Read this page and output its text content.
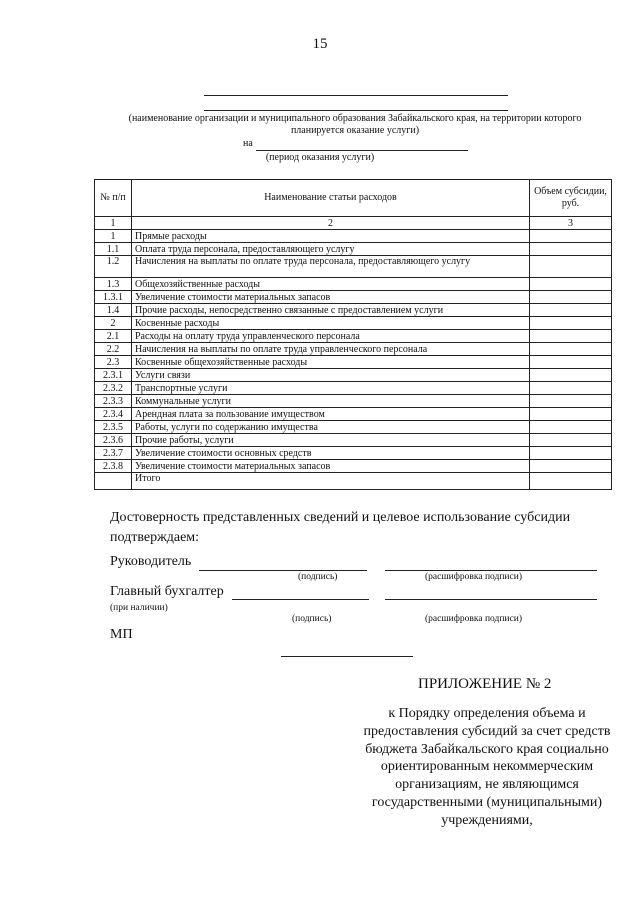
15
(наименование организации и муниципального образования Забайкальского края, на территории которого планируется оказание услуги)
на
(период оказания услуги)
№ п/п	Наименование статьи расходов	Объем субсидии, руб.
1	2	3
1	Прямые расходы	
1.1	Оплата труда персонала, предоставляющего услугу	
1.2	Начисления на выплаты по оплате труда персонала, предоставляющего услугу	
1.3	Общехозяйственные расходы	
1.3.1	Увеличение стоимости материальных запасов	
1.4	Прочие расходы, непосредственно связанные с предоставлением услуги	
2	Косвенные расходы	
2.1	Расходы на оплату труда управленческого персонала	
2.2	Начисления на выплаты по оплате труда управленческого персонала	
2.3	Косвенные общехозяйственные расходы	
2.3.1	Услуги связи	
2.3.2	Транспортные услуги	
2.3.3	Коммунальные услуги	
2.3.4	Арендная плата за пользование имуществом	
2.3.5	Работы, услуги по содержанию имущества	
2.3.6	Прочие работы, услуги	
2.3.7	Увеличение стоимости основных средств	
2.3.8	Увеличение стоимости материальных запасов	
	Итого	
Достоверность представленных сведений и целевое использование субсидии подтверждаем:
Руководитель
(подпись)	(расшифровка подписи)
Главный бухгалтер
(при наличии)
(подпись)	(расшифровка подписи)
МП
ПРИЛОЖЕНИЕ № 2
к Порядку определения объема и предоставления субсидий за счет средств бюджета Забайкальского края социально ориентированным некоммерческим организациям, не являющимся государственными (муниципальными) учреждениями,
